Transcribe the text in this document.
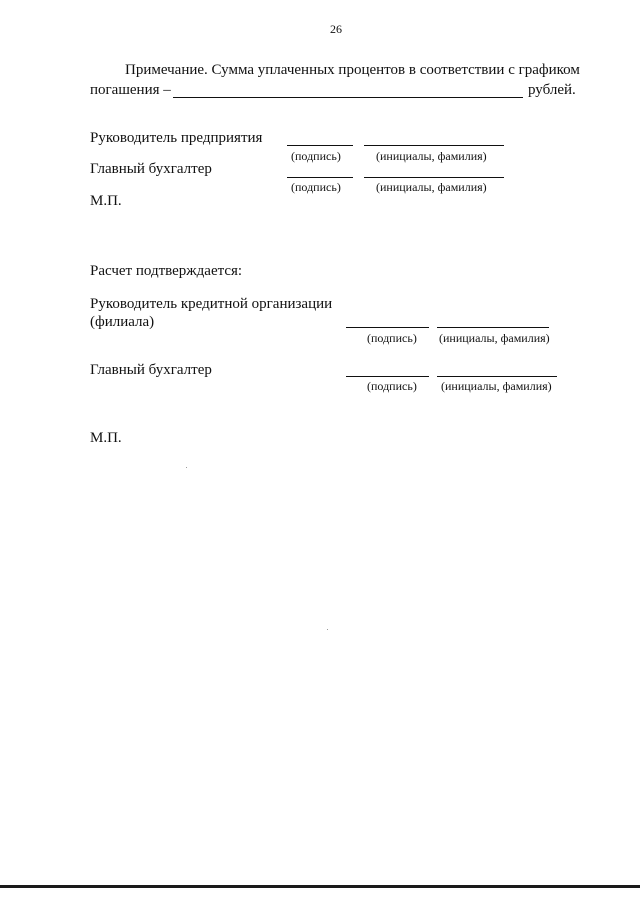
26
Примечание. Сумма уплаченных процентов в соответствии с графиком
погашения –	рублей.
Руководитель предприятия
(подпись)	(инициалы, фамилия)
Главный бухгалтер
(подпись)	(инициалы, фамилия)
М.П.
Расчет подтверждается:
Руководитель кредитной организации
(филиала)
(подпись) (инициалы, фамилия)
Главный бухгалтер
(подпись) (инициалы, фамилия)
М.П.
